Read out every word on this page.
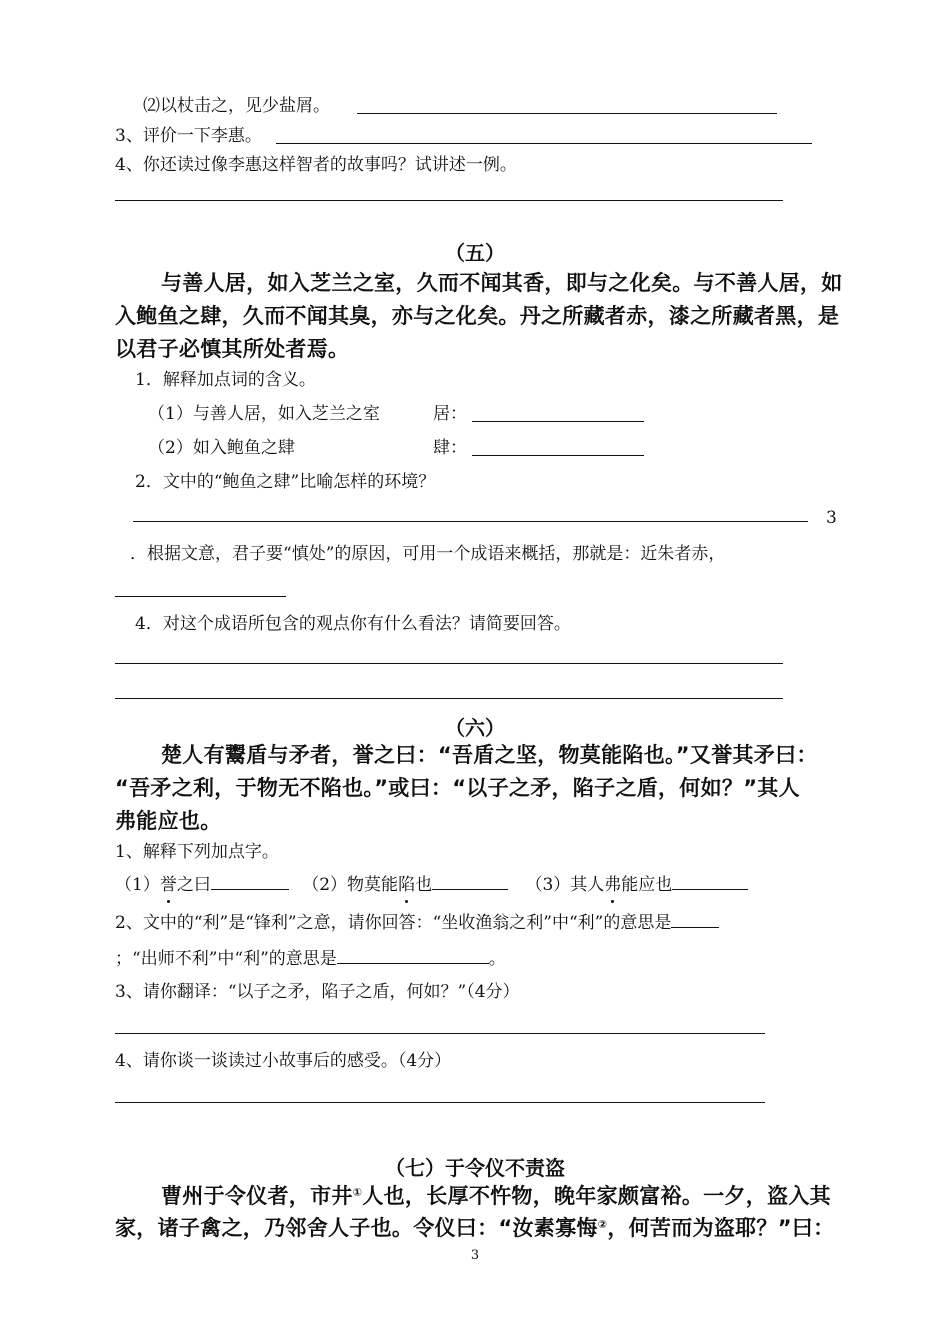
⑵以杖击之，见少盐屑。
3、评价一下李惠。
4、你还读过像李惠这样智者的故事吗？试讲述一例。
（五）
与善人居，如入芝兰之室，久而不闻其香，即与之化矣。与不善人居，如
入鲍鱼之肆，久而不闻其臭，亦与之化矣。丹之所藏者赤，漆之所藏者黑，是
以君子必慎其所处者焉。
1．解释加点词的含义。
（1）与善人居，如入芝兰之室	居：
（2）如入鲍鱼之肆	肆：
2．文中的“鲍鱼之肆”比喻怎样的环境？
3
．根据文意，君子要“慎处”的原因，可用一个成语来概括，那就是：近朱者赤，
4．对这个成语所包含的观点你有什么看法？请简要回答。
（六）
楚人有鬻盾与矛者，誉之曰：“吾盾之坚，物莫能陷也。”又誉其矛曰：
“吾矛之利，于物无不陷也。”或曰：“以子之矛，陷子之盾，何如？”其人
弗能应也。
1、解释下列加点字。
（1）誉之曰	（2）物莫能陷也	（3）其人弗能应也
2、文中的“利”是“锋利”之意，请你回答：“坐收渔翁之利”中“利”的意思是
；“出师不利”中“利”的意思是	。
3、请你翻译：“以子之矛，陷子之盾，何如？”（4分）
4、请你谈一谈读过小故事后的感受。（4分）
（七）于令仪不责盗
曹州于令仪者，市井①人也，长厚不忤物，晚年家颇富裕。一夕，盗入其
家，诸子禽之，乃邻舍人子也。令仪曰：“汝素寡悔②，何苦而为盗耶？”曰：
3
